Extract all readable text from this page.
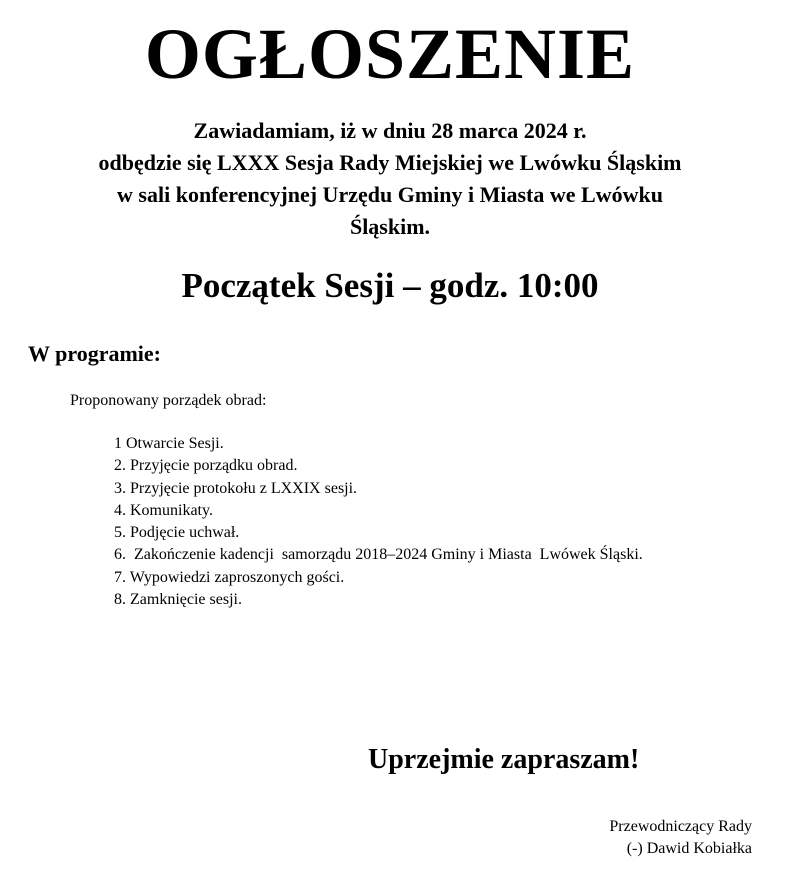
OGŁOSZENIE
Zawiadamiam, iż w dniu 28 marca 2024 r.
odbędzie się LXXX Sesja Rady Miejskiej we Lwówku Śląskim
w sali konferencyjnej Urzędu Gminy i Miasta we Lwówku
Śląskim.
Początek Sesji – godz. 10:00
W programie:
Proponowany porządek obrad:
1 Otwarcie Sesji.
2. Przyjęcie porządku obrad.
3. Przyjęcie protokołu z LXXIX sesji.
4. Komunikaty.
5. Podjęcie uchwał.
6.  Zakończenie kadencji  samorządu 2018–2024 Gminy i Miasta  Lwówek Śląski.
7. Wypowiedzi zaproszonych gości.
8. Zamknięcie sesji.
Uprzejmie zapraszam!
Przewodniczący Rady
(-) Dawid Kobiałka
